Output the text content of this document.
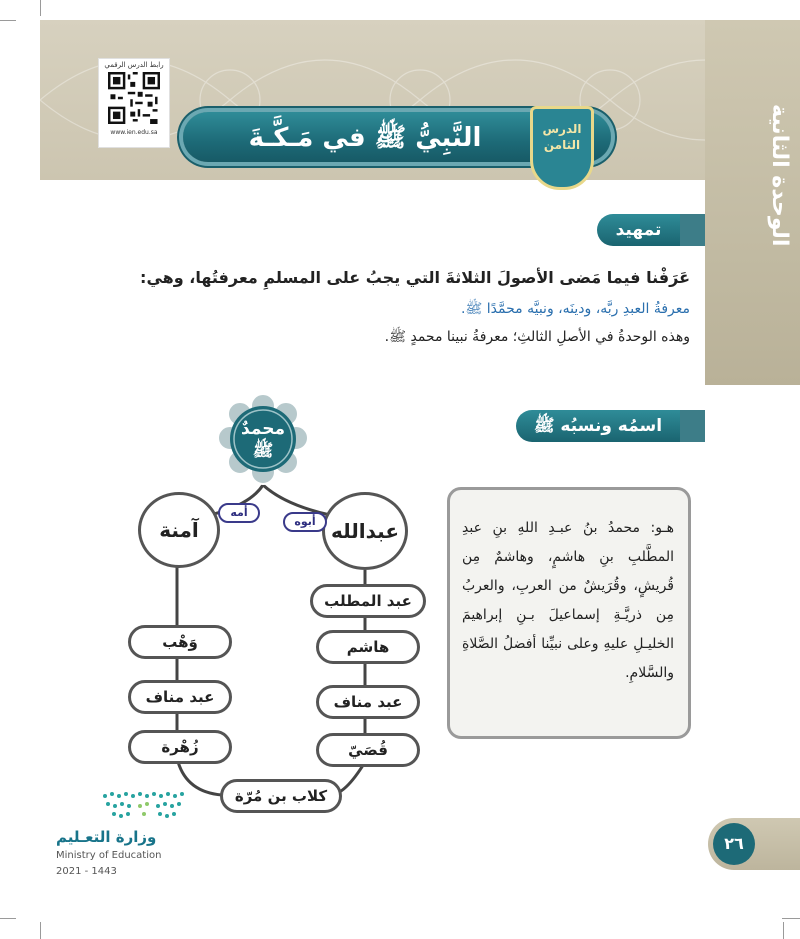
الوحدة الثانية
رابط الدرس الرقمي
www.ien.edu.sa	النَّبِيُّ ﷺ في مَـكَّـةَ	الدرس الثامن
تمهيد
عَرَفْنا فيما مَضى الأصولَ الثلاثةَ التي يجبُ على المسلمِ معرفتُها، وهي:
معرفةُ العبدِ ربَّه، ودينَه، ونبيَّه محمَّدًا ﷺ.
وهذه الوحدةُ في الأصلِ الثالثِ؛ معرفةُ نبينا محمدٍ ﷺ.
اسمُه ونسبُه ﷺ
هـو: محمدُ بنُ عبـدِ اللهِ بنِ عبدِ المطَّلبِ بنِ هاشمٍ، وهاشمٌ مِن قُريشٍ، وقُرَيشٌ من العربِ، والعربُ مِن ذريَّـةِ إسماعيلَ بـنِ إبراهيمَ الخليـلِ عليهِ وعلى نبيِّنا أفضلُ الصَّلاةِ والسَّلامِ.
محمدٌ ﷺ
عبدالله
آمنة	أبوه
أمه
عبد المطلب
هاشم
عبد مناف
قُصَيّ
وَهْب
عبد مناف
زُهْرة
كلاب بن مُرّة
وزارة التعـليم
Ministry of Education
2021 - 1443
٢٦
